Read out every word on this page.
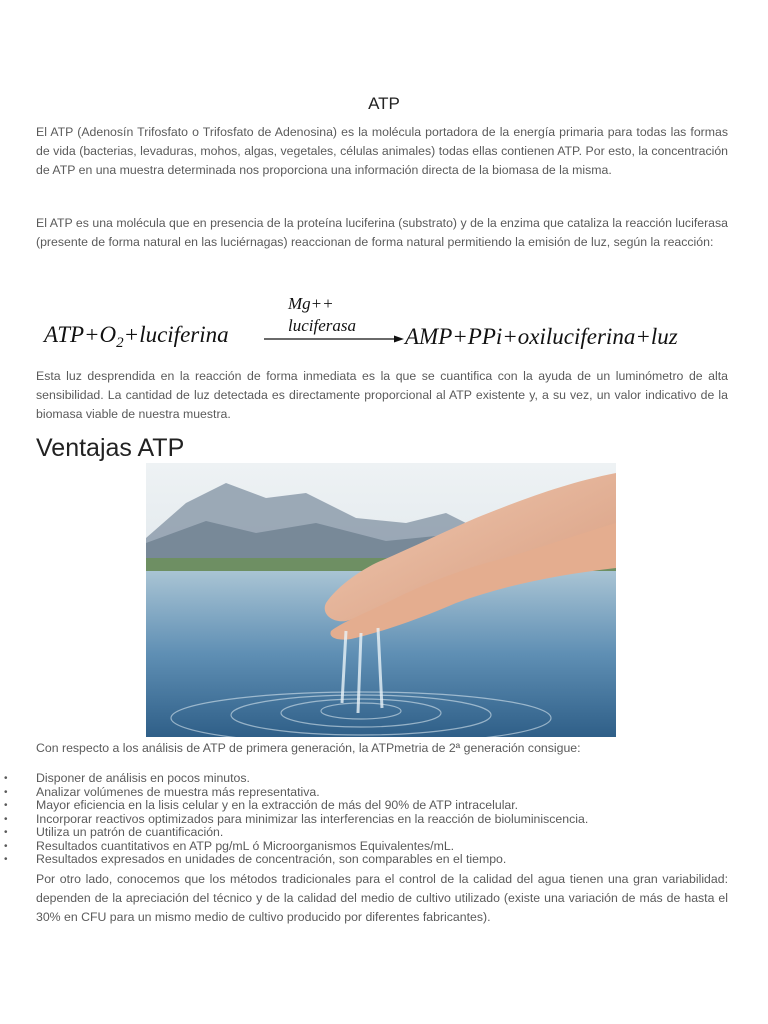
ATP

El ATP (Adenosín Trifosfato o Trifosfato de Adenosina) es la molécula portadora de la energía primaria para todas las formas de vida (bacterias, levaduras, mohos, algas, vegetales, células animales) todas ellas contienen ATP. Por esto, la concentración de ATP en una muestra determinada nos proporciona una información directa de la biomasa de la misma.

El ATP es una molécula que en presencia de la proteína luciferina (substrato) y de la enzima que cataliza la reacción luciferasa (presente de forma natural en las luciérnagas) reaccionan de forma natural permitiendo la emisión de luz, según la reacción:

$ATP+O_2+luciferina$
Mg++
luciferasa AMP+PPi+oxiluciferina+luz

Esta luz desprendida en la reacción de forma inmediata es la que se cuantifica con la ayuda de un luminómetro de alta sensibilidad. La cantidad de luz detectada es directamente proporcional al ATP existente y, a su vez, un valor indicativo de la biomasa viable de nuestra muestra.

Ventajas ATP

Con respecto a los análisis de ATP de primera generación, la ATPmetria de 2ª generación consigue:

• Disponer de análisis en pocos minutos.
• Analizar volúmenes de muestra más representativa.
• Mayor eficiencia en la lisis celular y en la extracción de más del 90% de ATP intracelular.
• Incorporar reactivos optimizados para minimizar las interferencias en la reacción de bioluminiscencia.
• Utiliza un patrón de cuantificación.
• Resultados cuantitativos en ATP pg/mL ó Microorganismos Equivalentes/mL.
• Resultados expresados en unidades de concentración, son comparables en el tiempo.

Por otro lado, conocemos que los métodos tradicionales para el control de la calidad del agua tienen una gran variabilidad: dependen de la apreciación del técnico y de la calidad del medio de cultivo utilizado (existe una variación de más de hasta el 30% en CFU para un mismo medio de cultivo producido por diferentes fabricantes).
